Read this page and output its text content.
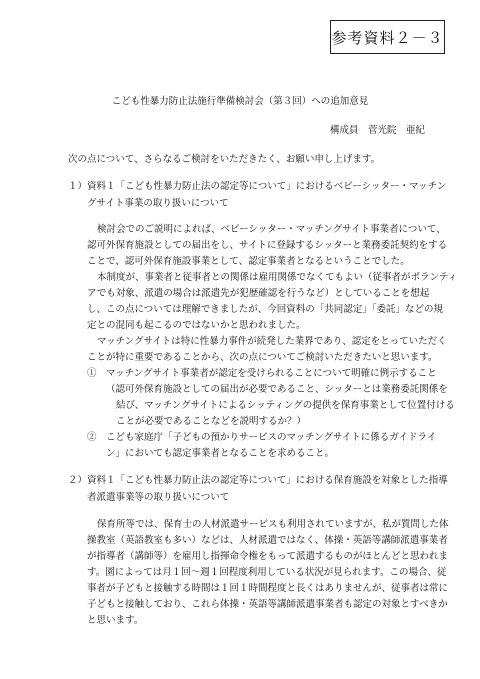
参考資料２－３
こども性暴力防止法施行準備検討会（第３回）への追加意見
構成員　菅光院　亜紀
次の点について、さらなるご検討をいただきたく、お願い申し上げます。
１）資料１「こども性暴力防止法の認定等について」におけるベビーシッター・マッチン
グサイト事業の取り扱いについて
検討会でのご説明によれば、ベビーシッター・マッチングサイト事業者について、
認可外保育施設としての届出をし、サイトに登録するシッターと業務委託契約をする
ことで、認可外保育施設事業として、認定事業者となるということでした。
本制度が、事業者と従事者との関係は雇用関係でなくてもよい（従事者がボランティ
アでも対象、派遣の場合は派遣先が犯歴確認を行うなど）としていることを想起
し、この点については理解できましたが、今回資料の「共同認定」「委託」などの規
定との混同も起こるのではないかと思われました。
マッチングサイトは特に性暴力事件が続発した業界であり、認定をとっていただく
ことが特に重要であることから、次の点についてご検討いただきたいと思います。
①　マッチングサイト事業者が認定を受けられることについて明確に例示すること
（認可外保育施設としての届出が必要であること、シッターとは業務委託関係を
結び、マッチングサイトによるシッティングの提供を保育事業として位置付ける
ことが必要であることなどを説明するか？）
②　こども家庭庁「子どもの預かりサービスのマッチングサイトに係るガイドライ
ン」においても認定事業者となることを求めること。
２）資料１「こども性暴力防止法の認定等について」における保育施設を対象とした指導
者派遣事業等の取り扱いについて
保育所等では、保育士の人材派遣サービスも利用されていますが、私が質問した体
操教室（英語教室も多い）などは、人材派遣ではなく、体操・英語等講師派遣事業者
が指導者（講師等）を雇用し指揮命令権をもって派遣するものがほとんどと思われま
す。園によっては月１回～週１回程度利用している状況が見られます。この場合、従
事者が子どもと接触する時間は１回１時間程度と長くはありませんが、従事者は常に
子どもと接触しており、これら体操・英語等講師派遣事業者も認定の対象とすべきか
と思います。
